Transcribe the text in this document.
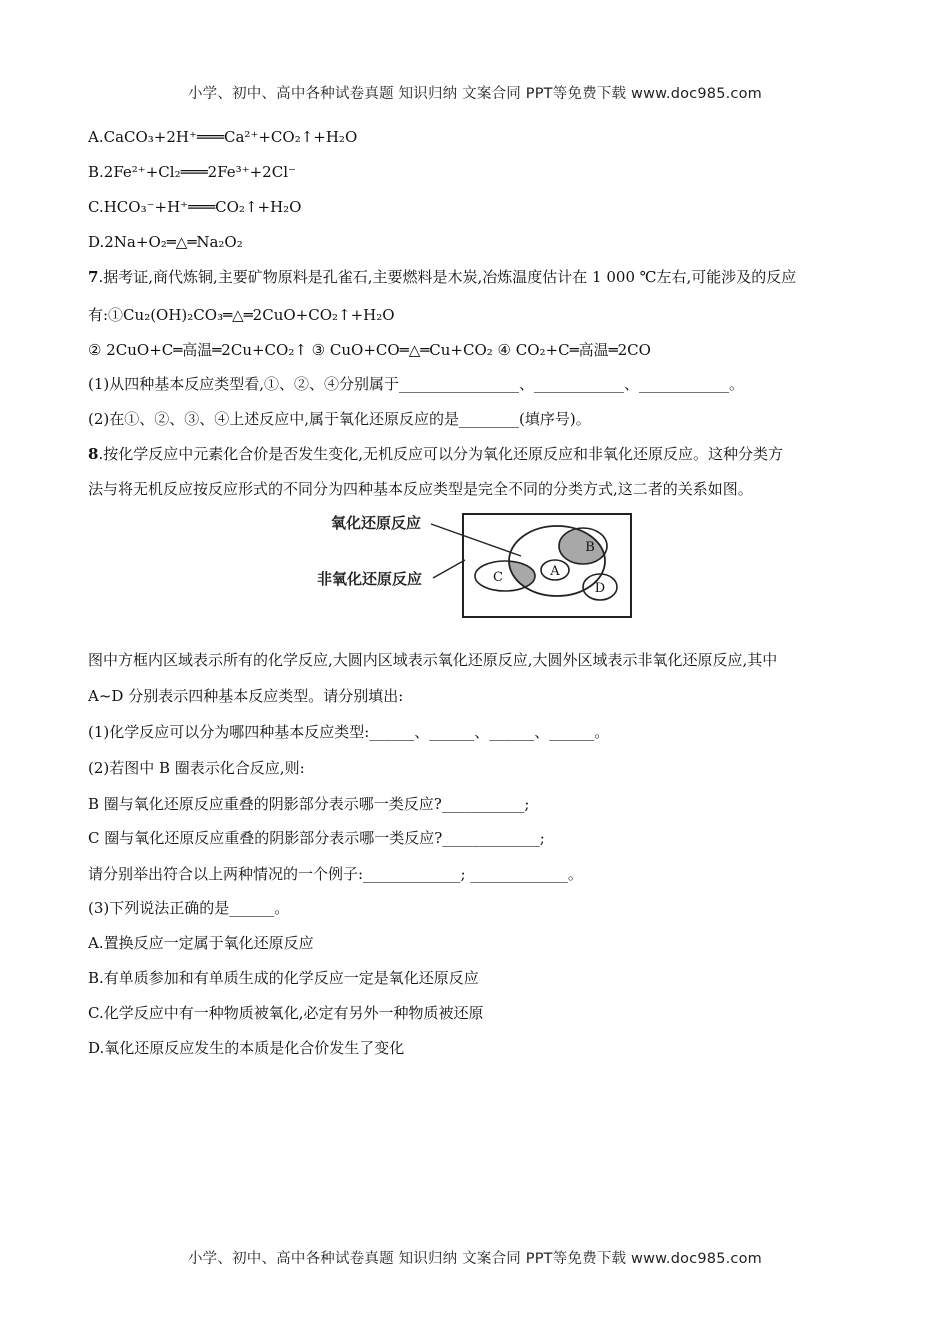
小学、初中、高中各种试卷真题 知识归纳 文案合同 PPT等免费下载 www.doc985.com
A.CaCO₃+2H⁺═══Ca²⁺+CO₂↑+H₂O
B.2Fe²⁺+Cl₂═══2Fe³⁺+2Cl⁻
C.HCO₃⁻+H⁺═══CO₂↑+H₂O
D.2Na+O₂═△═Na₂O₂
7.据考证,商代炼铜,主要矿物原料是孔雀石,主要燃料是木炭,冶炼温度估计在 1 000 ℃左右,可能涉及的反应
有:①Cu₂(OH)₂CO₃═△═2CuO+CO₂↑+H₂O
② 2CuO+C═高温═2Cu+CO₂↑ ③ CuO+CO═△═Cu+CO₂ ④ CO₂+C═高温═2CO
(1)从四种基本反应类型看,①、②、④分别属于________________、____________、____________。
(2)在①、②、③、④上述反应中,属于氧化还原反应的是________(填序号)。
8.按化学反应中元素化合价是否发生变化,无机反应可以分为氧化还原反应和非氧化还原反应。这种分类方
法与将无机反应按反应形式的不同分为四种基本反应类型是完全不同的分类方式,这二者的关系如图。
图中方框内区域表示所有的化学反应,大圆内区域表示氧化还原反应,大圆外区域表示非氧化还原反应,其中
A~D 分别表示四种基本反应类型。请分别填出:
(1)化学反应可以分为哪四种基本反应类型:______、______、______、______。
(2)若图中 B 圈表示化合反应,则:
B 圈与氧化还原反应重叠的阴影部分表示哪一类反应?___________;
C 圈与氧化还原反应重叠的阴影部分表示哪一类反应?_____________;
请分别举出符合以上两种情况的一个例子:_____________; _____________。
(3)下列说法正确的是______。
A.置换反应一定属于氧化还原反应
B.有单质参加和有单质生成的化学反应一定是氧化还原反应
C.化学反应中有一种物质被氧化,必定有另外一种物质被还原
D.氧化还原反应发生的本质是化合价发生了变化
氧化还原反应
非氧化还原反应	A
B
C
D
小学、初中、高中各种试卷真题 知识归纳 文案合同 PPT等免费下载 www.doc985.com
